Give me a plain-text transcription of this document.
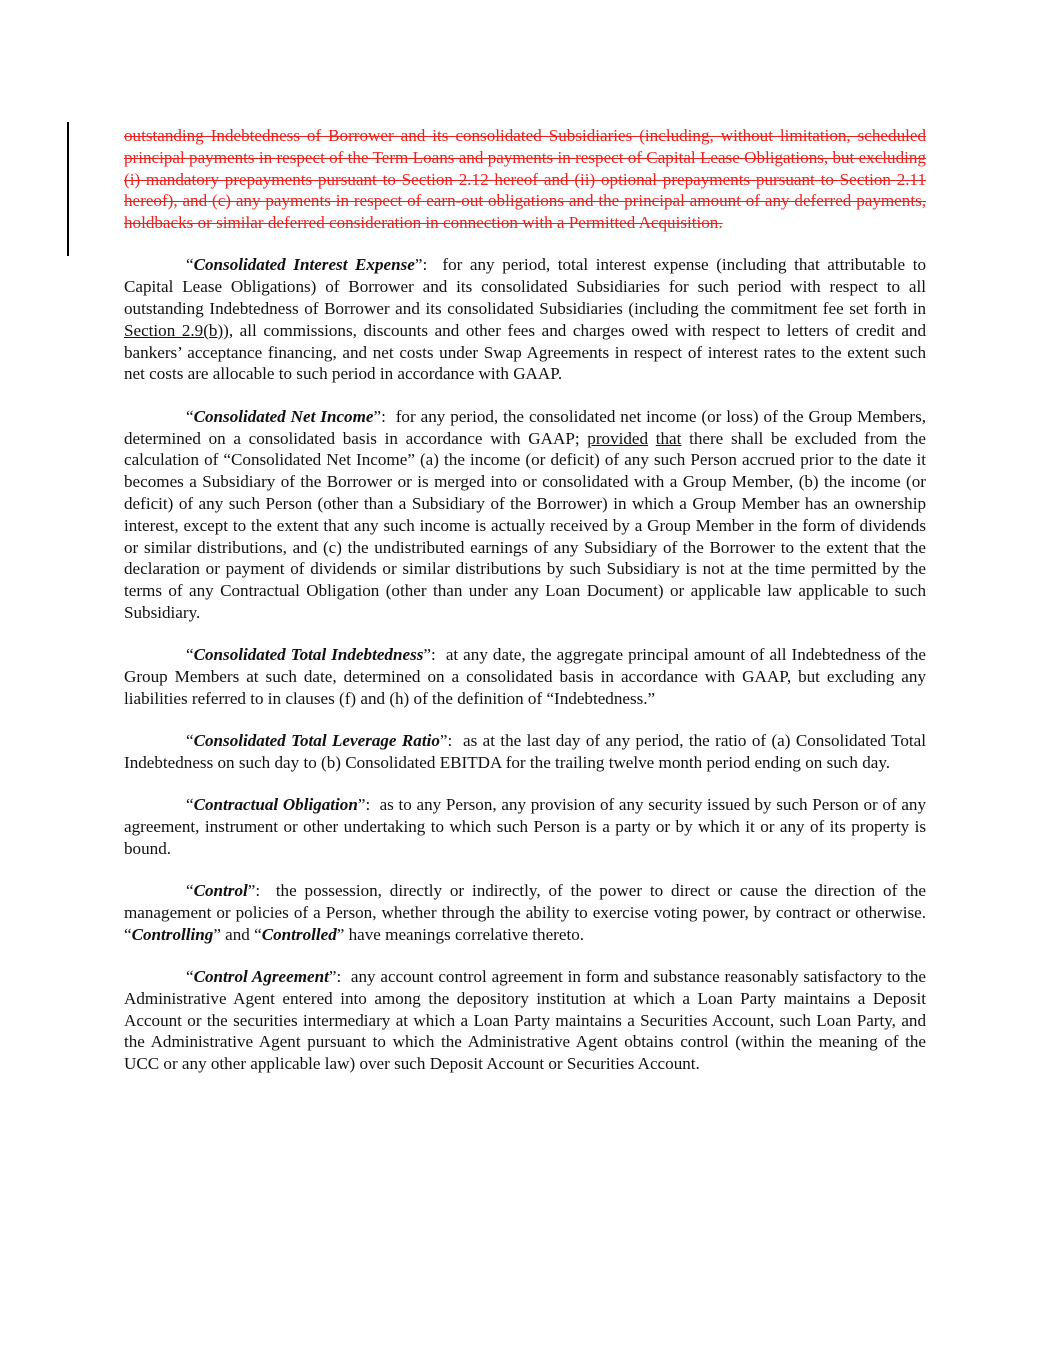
outstanding Indebtedness of Borrower and its consolidated Subsidiaries (including, without limitation, scheduled principal payments in respect of the Term Loans and payments in respect of Capital Lease Obligations, but excluding (i) mandatory prepayments pursuant to Section 2.12 hereof and (ii) optional prepayments pursuant to Section 2.11 hereof), and (c) any payments in respect of earn-out obligations and the principal amount of any deferred payments, holdbacks or similar deferred consideration in connection with a Permitted Acquisition.

“Consolidated Interest Expense”: for any period, total interest expense (including that attributable to Capital Lease Obligations) of Borrower and its consolidated Subsidiaries for such period with respect to all outstanding Indebtedness of Borrower and its consolidated Subsidiaries (including the commitment fee set forth in Section 2.9(b)), all commissions, discounts and other fees and charges owed with respect to letters of credit and bankers’ acceptance financing, and net costs under Swap Agreements in respect of interest rates to the extent such net costs are allocable to such period in accordance with GAAP.

“Consolidated Net Income”: for any period, the consolidated net income (or loss) of the Group Members, determined on a consolidated basis in accordance with GAAP; provided that there shall be excluded from the calculation of “Consolidated Net Income” (a) the income (or deficit) of any such Person accrued prior to the date it becomes a Subsidiary of the Borrower or is merged into or consolidated with a Group Member, (b) the income (or deficit) of any such Person (other than a Subsidiary of the Borrower) in which a Group Member has an ownership interest, except to the extent that any such income is actually received by a Group Member in the form of dividends or similar distributions, and (c) the undistributed earnings of any Subsidiary of the Borrower to the extent that the declaration or payment of dividends or similar distributions by such Subsidiary is not at the time permitted by the terms of any Contractual Obligation (other than under any Loan Document) or applicable law applicable to such Subsidiary.

“Consolidated Total Indebtedness”: at any date, the aggregate principal amount of all Indebtedness of the Group Members at such date, determined on a consolidated basis in accordance with GAAP, but excluding any liabilities referred to in clauses (f) and (h) of the definition of “Indebtedness.”

“Consolidated Total Leverage Ratio”: as at the last day of any period, the ratio of (a) Consolidated Total Indebtedness on such day to (b) Consolidated EBITDA for the trailing twelve month period ending on such day.

“Contractual Obligation”: as to any Person, any provision of any security issued by such Person or of any agreement, instrument or other undertaking to which such Person is a party or by which it or any of its property is bound.

“Control”: the possession, directly or indirectly, of the power to direct or cause the direction of the management or policies of a Person, whether through the ability to exercise voting power, by contract or otherwise. “Controlling” and “Controlled” have meanings correlative thereto.

“Control Agreement”: any account control agreement in form and substance reasonably satisfactory to the Administrative Agent entered into among the depository institution at which a Loan Party maintains a Deposit Account or the securities intermediary at which a Loan Party maintains a Securities Account, such Loan Party, and the Administrative Agent pursuant to which the Administrative Agent obtains control (within the meaning of the UCC or any other applicable law) over such Deposit Account or Securities Account.
